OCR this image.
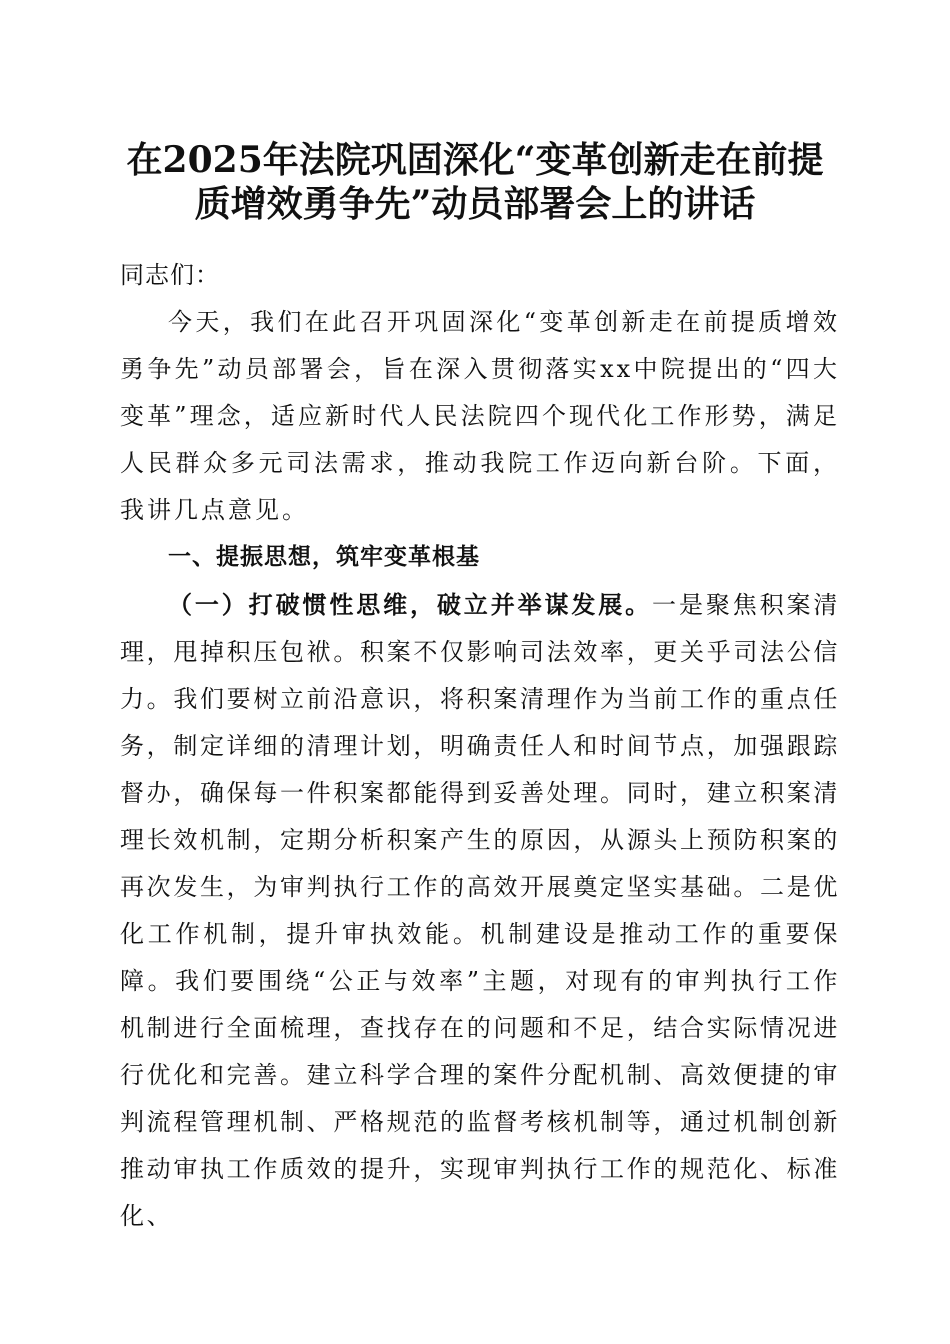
在2025年法院巩固深化“变革创新走在前提
质增效勇争先”动员部署会上的讲话

同志们：

今天，我们在此召开巩固深化“变革创新走在前提质增效勇争先”动员部署会，旨在深入贯彻落实xx中院提出的“四大变革”理念，适应新时代人民法院四个现代化工作形势，满足人民群众多元司法需求，推动我院工作迈向新台阶。下面，我讲几点意见。

一、提振思想，筑牢变革根基

（一）打破惯性思维，破立并举谋发展。一是聚焦积案清理，甩掉积压包袱。积案不仅影响司法效率，更关乎司法公信力。我们要树立前沿意识，将积案清理作为当前工作的重点任务，制定详细的清理计划，明确责任人和时间节点，加强跟踪督办，确保每一件积案都能得到妥善处理。同时，建立积案清理长效机制，定期分析积案产生的原因，从源头上预防积案的再次发生，为审判执行工作的高效开展奠定坚实基础。二是优化工作机制，提升审执效能。机制建设是推动工作的重要保障。我们要围绕“公正与效率”主题，对现有的审判执行工作机制进行全面梳理，查找存在的问题和不足，结合实际情况进行优化和完善。建立科学合理的案件分配机制、高效便捷的审判流程管理机制、严格规范的监督考核机制等，通过机制创新推动审执工作质效的提升，实现审判执行工作的规范化、标准化、
